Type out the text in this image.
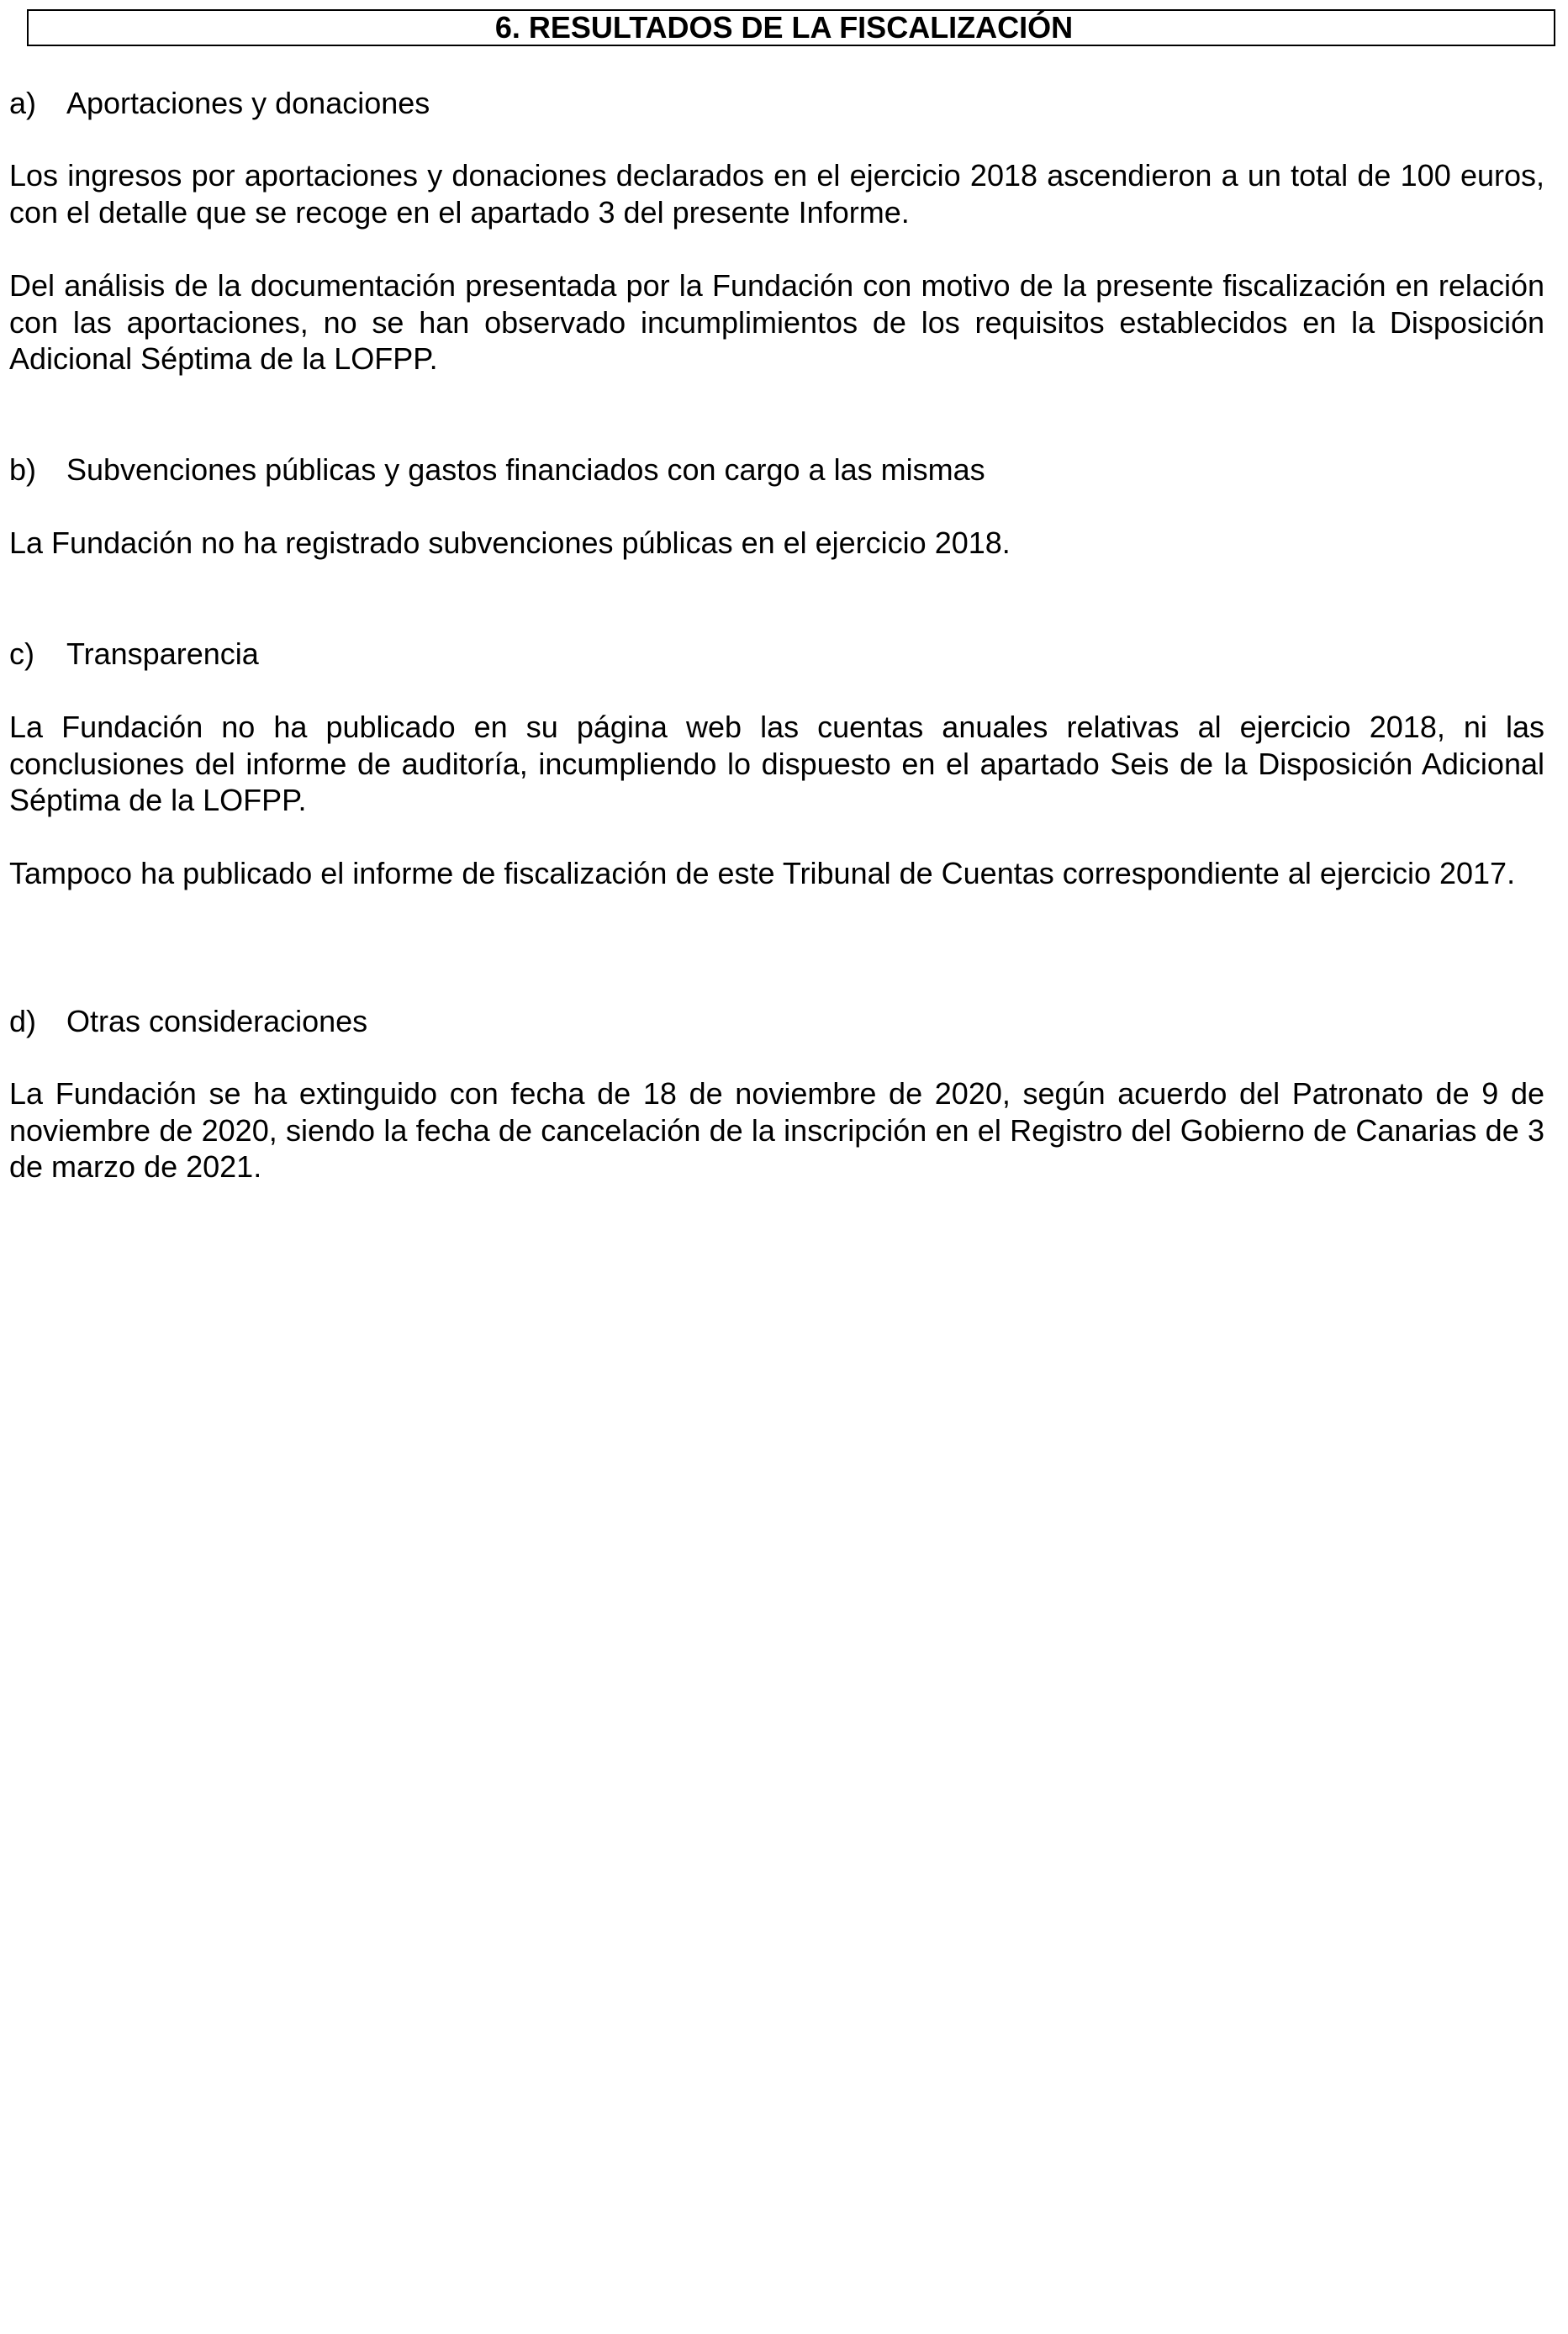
6. RESULTADOS DE LA FISCALIZACIÓN
a) Aportaciones y donaciones
Los ingresos por aportaciones y donaciones declarados en el ejercicio 2018 ascendieron a un total de 100 euros, con el detalle que se recoge en el apartado 3 del presente Informe.
Del análisis de la documentación presentada por la Fundación con motivo de la presente fiscalización en relación con las aportaciones, no se han observado incumplimientos de los requisitos establecidos en la Disposición Adicional Séptima de la LOFPP.
b) Subvenciones públicas y gastos financiados con cargo a las mismas
La Fundación no ha registrado subvenciones públicas en el ejercicio 2018.
c) Transparencia
La Fundación no ha publicado en su página web las cuentas anuales relativas al ejercicio 2018, ni las conclusiones del informe de auditoría, incumpliendo lo dispuesto en el apartado Seis de la Disposición Adicional Séptima de la LOFPP.
Tampoco ha publicado el informe de fiscalización de este Tribunal de Cuentas correspondiente al ejercicio 2017.
d) Otras consideraciones
La Fundación se ha extinguido con fecha de 18 de noviembre de 2020, según acuerdo del Patronato de 9 de noviembre de 2020, siendo la fecha de cancelación de la inscripción en el Registro del Gobierno de Canarias de 3 de marzo de 2021.
